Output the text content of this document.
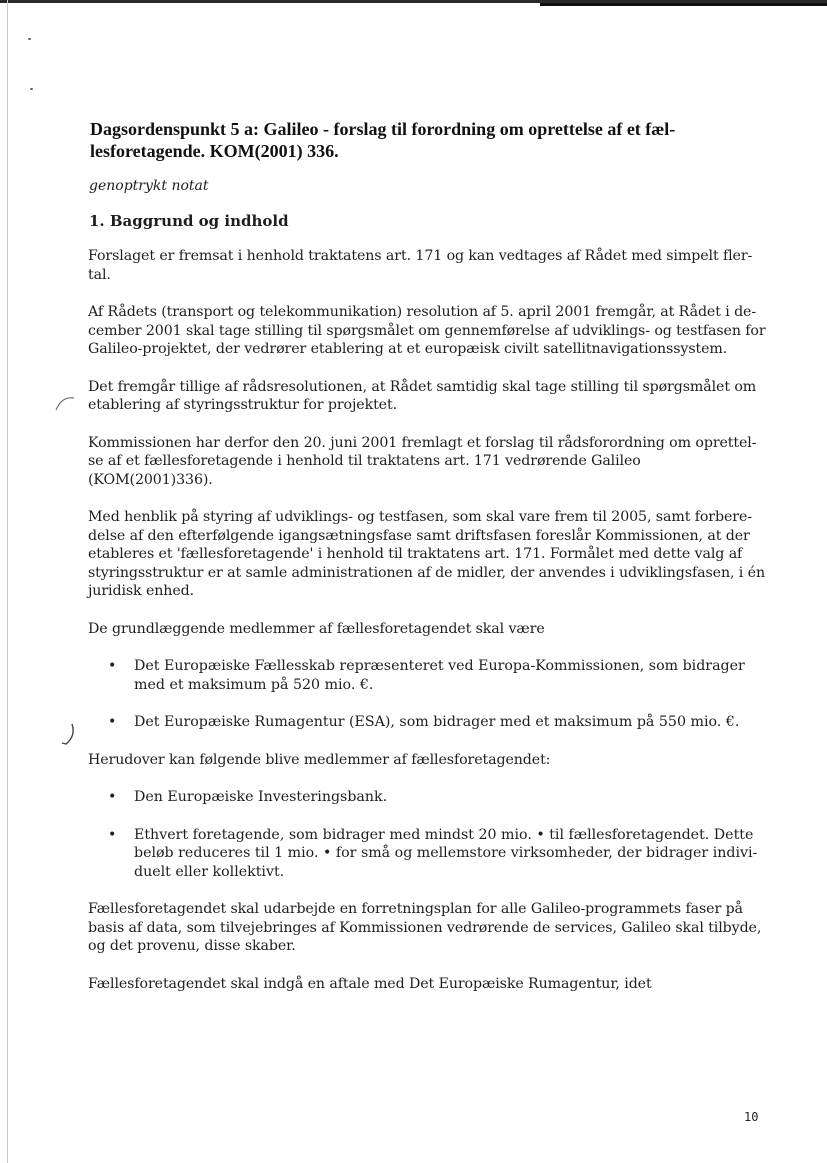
Dagsordenspunkt 5 a: Galileo - forslag til forordning om oprettelse af et fæl-
lesforetagende. KOM(2001) 336.
genoptrykt notat
1. Baggrund og indhold

Forslaget er fremsat i henhold traktatens art. 171 og kan vedtages af Rådet med simpelt fler-tal.

Af Rådets (transport og telekommunikation) resolution af 5. april 2001 fremgår, at Rådet i de-cember 2001 skal tage stilling til spørgsmålet om gennemførelse af udviklings- og testfasen for Galileo-projektet, der vedrører etablering at et europæisk civilt satellitnavigationssystem.

Det fremgår tillige af rådsresolutionen, at Rådet samtidig skal tage stilling til spørgsmålet om etablering af styringsstruktur for projektet.

Kommissionen har derfor den 20. juni 2001 fremlagt et forslag til rådsforordning om oprettel-se af et fællesforetagende i henhold til traktatens art. 171 vedrørende Galileo (KOM(2001)336).

Med henblik på styring af udviklings- og testfasen, som skal vare frem til 2005, samt forbere-delse af den efterfølgende igangsætningsfase samt driftsfasen foreslår Kommissionen, at der etableres et 'fællesforetagende' i henhold til traktatens art. 171. Formålet med dette valg af styringsstruktur er at samle administrationen af de midler, der anvendes i udviklingsfasen, i én juridisk enhed.

De grundlæggende medlemmer af fællesforetagendet skal være

• Det Europæiske Fællesskab repræsenteret ved Europa-Kommissionen, som bidrager med et maksimum på 520 mio. €.
• Det Europæiske Rumagentur (ESA), som bidrager med et maksimum på 550 mio. €.

Herudover kan følgende blive medlemmer af fællesforetagendet:

• Den Europæiske Investeringsbank.
• Ethvert foretagende, som bidrager med mindst 20 mio. • til fællesforetagendet. Dette beløb reduceres til 1 mio. • for små og mellemstore virksomheder, der bidrager indivi-duelt eller kollektivt.

Fællesforetagendet skal udarbejde en forretningsplan for alle Galileo-programmets faser på basis af data, som tilvejebringes af Kommissionen vedrørende de services, Galileo skal tilbyde, og det provenu, disse skaber.

Fællesforetagendet skal indgå en aftale med Det Europæiske Rumagentur, idet

10
